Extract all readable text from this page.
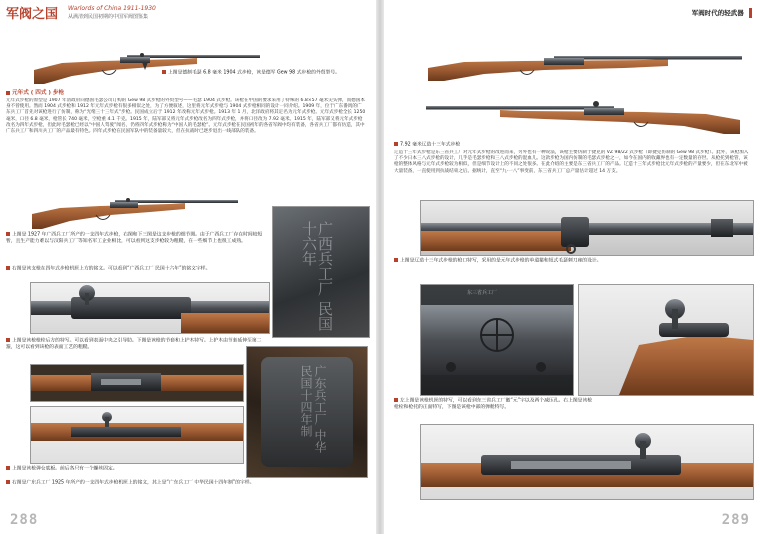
军阀之国 Warlords of China 1911-1930
从满清到民国初期的中国军阀图鉴集
上图是德制毛瑟 6.8 毫米 1904 式步枪，该是德军 Gew 98 式步枪的外贸型号。
元年式 ( 四式 ) 步枪
元年式步枪的原型是 1907 年清政府向德国毛瑟公司订购的 Gew 98 式步枪的外贸型号——毛瑟 1904 式步枪。该枪在中国的要求采用了特殊的 6.8×57 毫米尖头弹，而德国本身不曾使用。然而 1904 式步枪和 1912 年元年式步枪有很多相似之处，为了方便叙述，这里将元年式步枪与 1904 式步枪相同的设计一同介绍。1909 年，位于广东番禺的广东兵工厂首先对该枪进行了仿制，称为“光绪三十三年式”步枪。民国成立后于 1912 年改称元年式步枪。1913 年 1 月，北洋政府将其定名为元年式步枪。元年式步枪全长 1250 毫米，口径 6.8 毫米，枪管长 740 毫米，空枪重 4.1 千克。1915 年，陆军部又将元年式步枪改名为四年式步枪，并将口径改为 7.92 毫米。1915 年，陆军部又将元年式步枪改名为四年式步枪，但此时毛瑟枪已经以“中国人驾驶”闻名，仍将四年式步枪称为“中国人的毛瑟枪”。元年式步枪在民国初年的各省军阀中均有装备，各省兵工厂都有仿造，其中广东兵工厂和四川兵工厂的产品最有特色。四年式步枪在民国军队中的装备量较大，但在抗战时已逐步退出一线部队的装备。
上图是 1927 年广西兵工厂所产的一支四年式步枪，右图和下三图是这支步枪的细节图。由于广西兵工厂存在时间较短暂，且生产能力难以与汉阳兵工厂等知名军工企业相比，可以看到这支步枪较为粗糙，在一些细节上也很工成熟。
右图是该支枪在四年式步枪机匣上方的铭文。可以看到“广西兵工厂 民国十六年”的铭文字样。	广西兵工厂 民国十六年
上图是该枪枪栓后方的特写。可以看到表面中央之引导肋。下图是该枪的节套和上护木特写。上护木由节套延伸至第二箍，这可以看到该枪的表面工艺的粗糙。
广东兵工厂 中华民国十四年制
上图是该枪弹仓底板。前后各只有一个螺丝固定。
右图是广东兵工厂 1925 年所产的一支四年式步枪机匣上的铭文，其上是“广东兵工厂 中华民国十四年制”的字样。
288
军阀时代的轻武器
7.92 毫米辽造十三年式步枪
辽造十三年式步枪是东三省兵工厂对元年式步枪的改进而来，另外也有一种说法，该枪主要仿制于捷克的 VZ 98/22 式步枪（即捷克仿制的 Gew 98 式步枪）。此外，该枪加入了不少日本三八式步枪的设计，几乎是毛瑟步枪和三八式步枪的混血儿。这款步枪为国内仿制的毛瑟式步枪之一，如今在国内的收藏界也有一定数量的存世。从枪托到枪管，该枪的整体风格与元年式步枪较为相似，但是细节设计上的不同之处很多。在此介绍的主要是东三省兵工厂的产品。辽造十三年式步枪比元年式步枪的产量要少，但在东北军中被大量装备，一直使用到抗战结束之后。据统计，直至“九·一八”事变前，东三省兵工厂总产量估计超过 14 万支。
上图是辽造十三年式步枪的枪口特写，采用的是元年式步枪的单道箍和短式毛瑟刺刀座的设计。
东三省兵工厂
左上图是该枪机匣的特写，可以看到东三省兵工厂徽“元”字以及两个减压孔。右上图是该枪枪栓和枪托的正面特写，下图是该枪中部的弹舱特写。
289
